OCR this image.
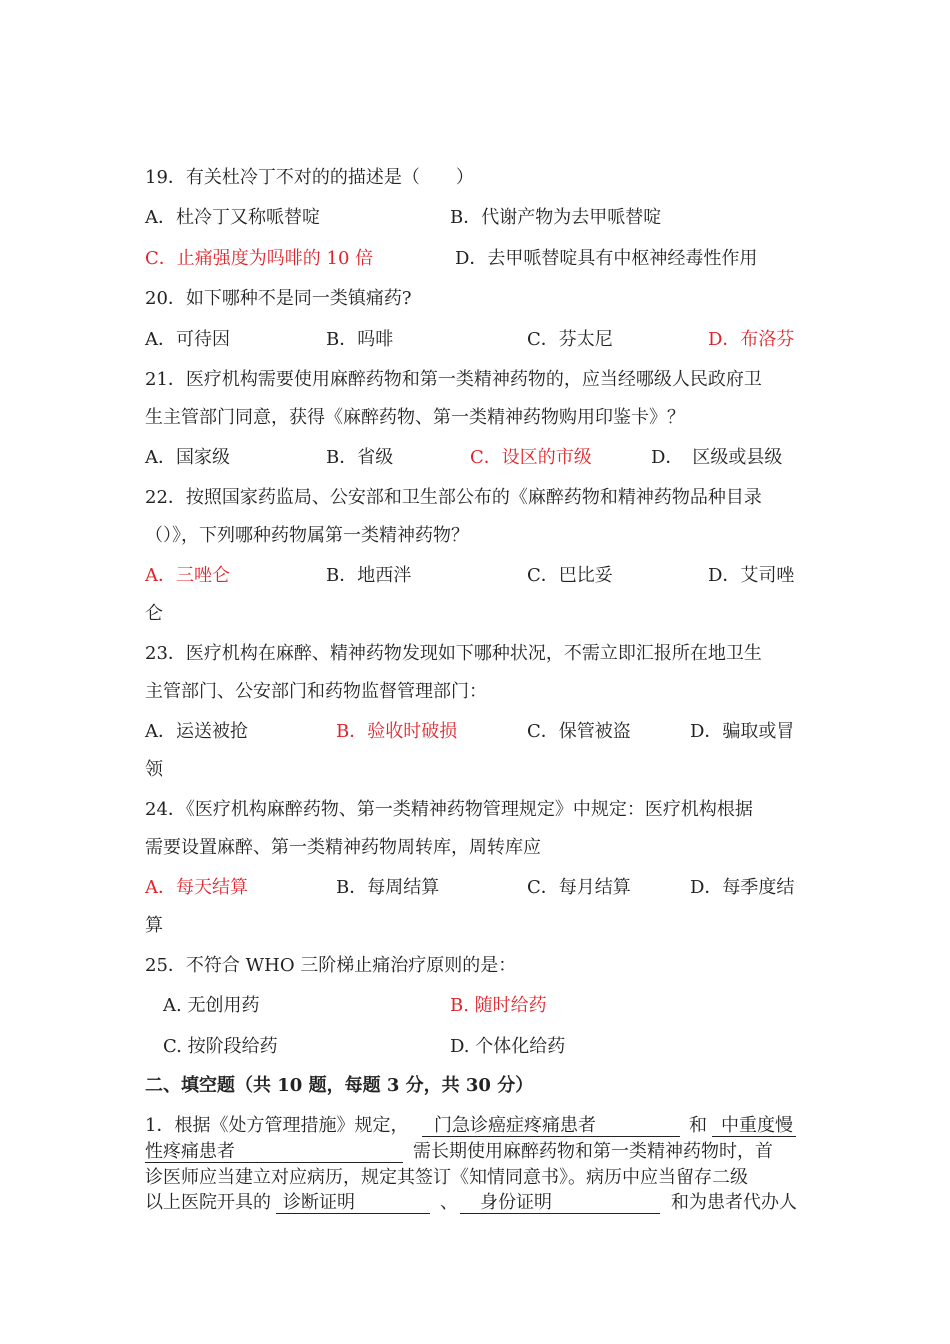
19．有关杜冷丁不对的的描述是（　　）
A．杜冷丁又称哌替啶	B．代谢产物为去甲哌替啶
C．止痛强度为吗啡的 10 倍	D．去甲哌替啶具有中枢神经毒性作用
20．如下哪种不是同一类镇痛药?
A．可待因	B．吗啡	C．芬太尼	D．布洛芬
21．医疗机构需要使用麻醉药物和第一类精神药物的，应当经哪级人民政府卫
生主管部门同意，获得《麻醉药物、第一类精神药物购用印鉴卡》？
A．国家级	B．省级	C．设区的市级	D．　区级或县级
22．按照国家药监局、公安部和卫生部公布的《麻醉药物和精神药物品种目录
（）》，下列哪种药物属第一类精神药物？
A．三唑仑	B．地西泮	C．巴比妥	D．艾司唑
仑
23．医疗机构在麻醉、精神药物发现如下哪种状况，不需立即汇报所在地卫生
主管部门、公安部门和药物监督管理部门：
A．运送被抢	B．验收时破损	C．保管被盗	D．骗取或冒
领
24．《医疗机构麻醉药物、第一类精神药物管理规定》中规定：医疗机构根据
需要设置麻醉、第一类精神药物周转库，周转库应
A．每天结算	B．每周结算	C．每月结算	D．每季度结
算
25．不符合 WHO 三阶梯止痛治疗原则的是：
A. 无创用药	B. 随时给药
C. 按阶段给药	D. 个体化给药
二、填空题（共 10 题，每题 3 分，共 30 分）
1．根据《处方管理措施》规定， 门急诊癌症疼痛患者	和 中重度慢
性疼痛患者	需长期使用麻醉药物和第一类精神药物时，首
诊医师应当建立对应病历，规定其签订《知情同意书》。病历中应当留存二级
以上医院开具的 诊断证明	、 身份证明	和为患者代办人
